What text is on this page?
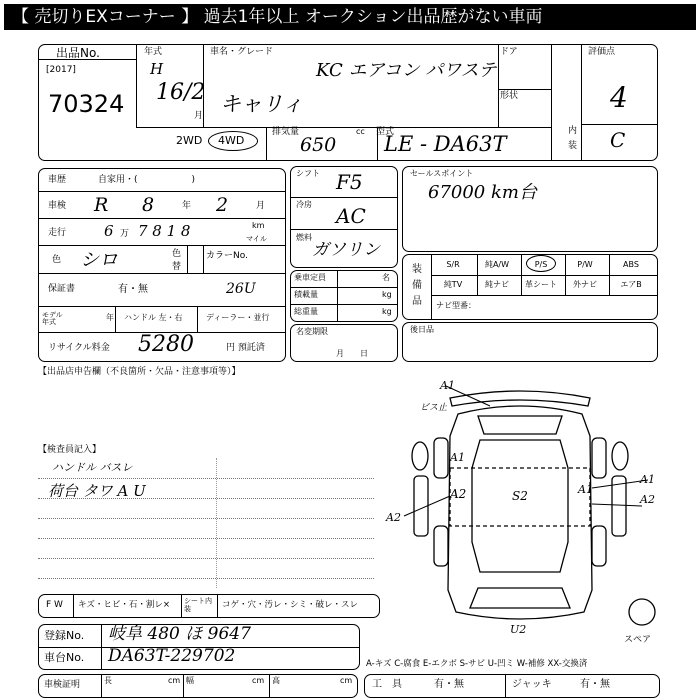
【 売切りEXコーナー 】 過去1年以上 オークション出品歴がない車両
出品No.
[2017]
70324
年式
H
16/2
月
車名・グレード
KC エアコン パワステ
キャリィ
ドア
形状
評価点
4
内
装 C
2WD 4WD
排気量	cc
650
型式
LE - DA63T
車歴	自家用・(　　　　　　)
車検 R 8	年 2	月
走行	6 万 7 8 1 8	km
マイル
色 シロ	色
替
カラーNo.
保証書	有・無	26U
モデル年式	年 ハンドル 左・右	ディーラー・並行
リサイクル料金 5280	円 預託済
シフト F5
冷房 AC
燃料
ガソリン
乗車定員	名
積載量	kg
総重量	kg
名変期限
月　　日
セールスポイント
67000 km台
装備品
S/R	純A/W	P/S	P/W	ABS
純TV	純ナビ	革シート	外ナビ	エアB
ナビ型番：
後日品
【出品店申告欄（不良箇所・欠品・注意事項等）】
【検査員記入】
ハンドル バスレ
荷台 タワ A U
A1
ビス止
A1
A2	S2
A1
A2
A2
A1
U2
スペア
F W キズ・ヒビ・石・割レ× シート内装	コゲ・穴・汚レ・シミ・破レ・スレ
登録No. 岐阜 480 ほ 9647
車台No. DA63T-229702	A-キズ C-腐食 E-エクボ S-サビ U-凹ミ W-補修 XX-交換済
車検証明	長	cm 幅	cm 高	cm 工　具	有・無	ジャッキ	有・無
